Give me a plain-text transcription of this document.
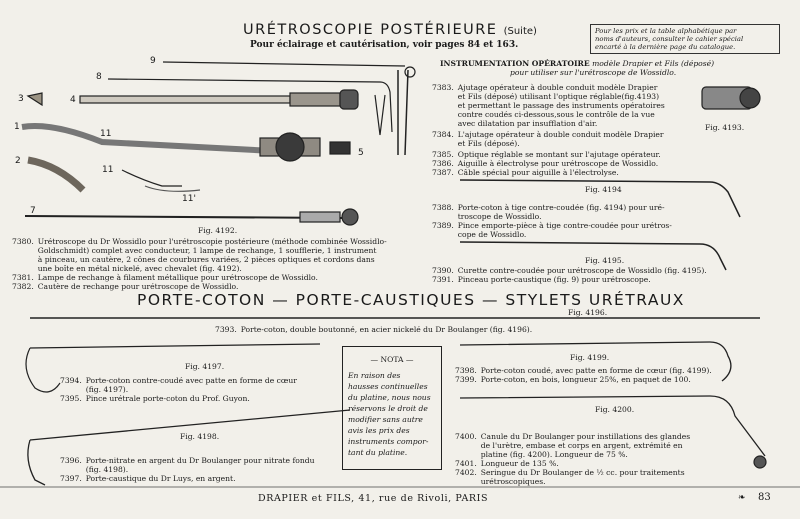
9
8
3	4
1
11
2
11
5
11'
7
URÉTROSCOPIE POSTÉRIEURE (Suite)
Pour éclairage et cautérisation, voir pages 84 et 163.
Pour les prix et la table alphabétique par
noms d'auteurs, consulter le cahier spécial
encarté à la dernière page du catalogue.
INSTRUMENTATION OPÉRATOIRE modèle Drapier et Fils (déposé)
pour utiliser sur l'urétroscope de Wossidlo.
7383. Ajutage opérateur à double conduit modèle Drapier
et Fils (déposé) utilisant l'optique réglable(fig.4193)
et permettant le passage des instruments opératoires
contre coudés ci-dessous,sous le contrôle de la vue
avec dilatation par insufflation d'air.
7384. L'ajutage opérateur à double conduit modèle Drapier
et Fils (déposé).
7385. Optique réglable se montant sur l'ajutage opérateur.
7386. Aiguille à électrolyse pour urétroscope de Wossidlo.
7387. Câble spécial pour aiguille à l'électrolyse.
Fig. 4193.
Fig. 4194
7388. Porte-coton à tige contre-coudée (fig. 4194) pour uré-
troscope de Wossidlo.
7389. Pince emporte-pièce à tige contre-coudée pour urétros-
cope de Wossidlo.
Fig. 4195.
7390. Curette contre-coudée pour urétroscope de Wossidlo (fig. 4195).
7391. Pinceau porte-caustique (fig. 9) pour urétroscope.
Fig. 4192.
7380. Urétroscope du Dr Wossidlo pour l'urétroscopie postérieure (méthode combinée Wossidlo-
Goldschmidt) complet avec conducteur, 1 lampe de rechange, 1 soufflerie, 1 instrument
à pinceau, un cautère, 2 cônes de courbures variées, 2 pièces optiques et cordons dans
une boîte en métal nickelé, avec chevalet (fig. 4192).
7381. Lampe de rechange à filament métallique pour urétroscope de Wossidlo.
7382. Cautère de rechange pour urétroscope de Wossidlo.
PORTE-COTON — PORTE-CAUSTIQUES — STYLETS URÉTRAUX
Fig. 4196.
7393. Porte-coton, double boutonné, en acier nickelé du Dr Boulanger (fig. 4196).
Fig. 4197.
7394. Porte-coton contre-coudé avec patte en forme de cœur
(fig. 4197).
7395. Pince urétrale porte-coton du Prof. Guyon.
Fig. 4198.
7396. Porte-nitrate en argent du Dr Boulanger pour nitrate fondu
(fig. 4198).
7397. Porte-caustique du Dr Luys, en argent.
— NOTA —
En raison des
hausses continuelles
du platine, nous nous
réservons le droit de
modifier sans autre
avis les prix des
instruments compor-
tant du platine.
Fig. 4199.
7398. Porte-coton coudé, avec patte en forme de cœur (fig. 4199).
7399. Porte-coton, en bois, longueur 25%, en paquet de 100.
Fig. 4200.
7400. Canule du Dr Boulanger pour instillations des glandes
de l'urètre, embase et corps en argent, extrémité en
platine (fig. 4200). Longueur de 75 %.
7401. Longueur de 135 %.
7402. Seringue du Dr Boulanger de ½ cc. pour traitements
urétroscopiques.
DRAPIER et FILS, 41, rue de Rivoli, PARIS	❧ 83
